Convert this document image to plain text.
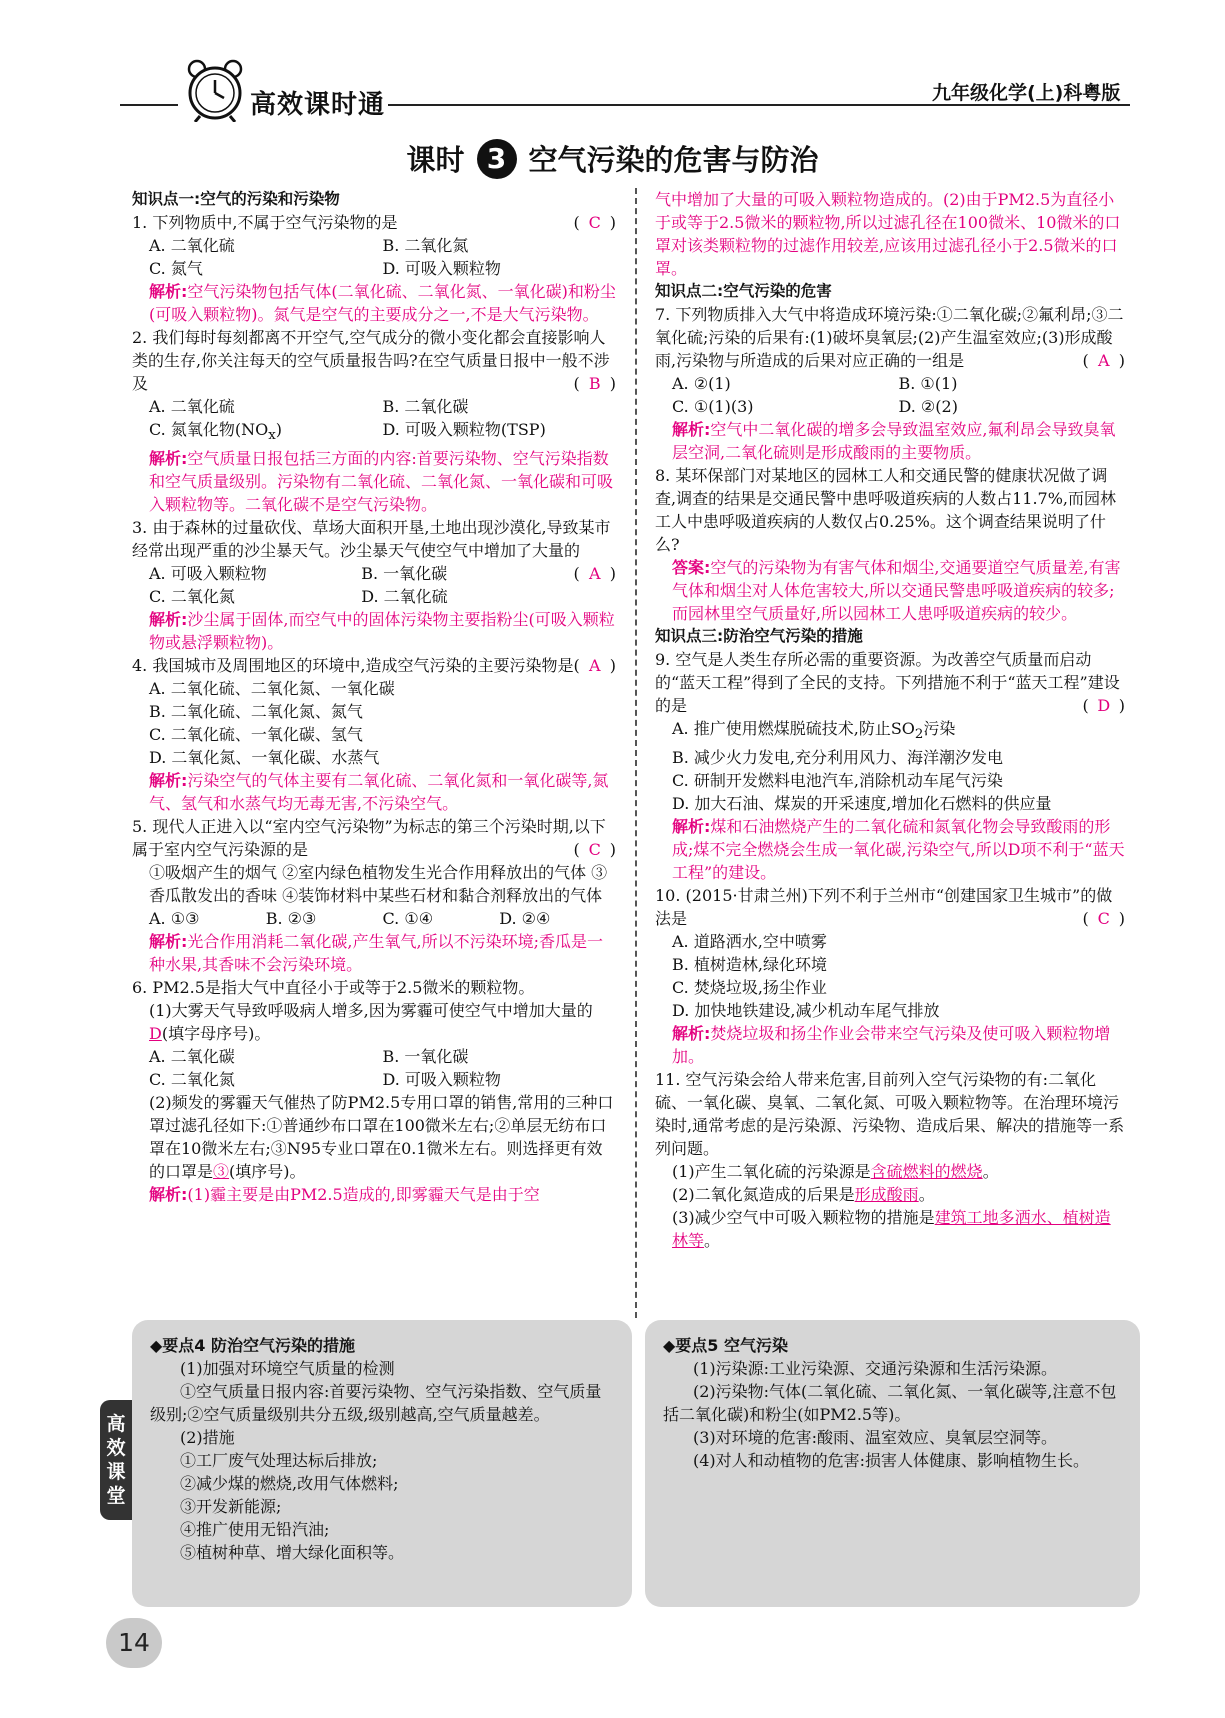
高效课时通	九年级化学(上)科粤版
课时 3 空气污染的危害与防治

知识点一:空气的污染和污染物

( C )
1. 下列物质中,不属于空气污染物的是
A. 二氧化硫	B. 二氧化氮
C. 氮气	D. 可吸入颗粒物
解析:空气污染物包括气体(二氧化硫、二氧化氮、一氧化碳)和粉尘(可吸入颗粒物)。氮气是空气的主要成分之一,不是大气污染物。
2. 我们每时每刻都离不开空气,空气成分的微小变化都会直接影响人类的生存,你关注每天的空气质量报告吗?在空气质量日报中一般不涉及	( B )
A. 二氧化硫	B. 二氧化碳
C. 氮氧化物$(NO_x)$	D. 可吸入颗粒物(TSP)
解析:空气质量日报包括三方面的内容:首要污染物、空气污染指数和空气质量级别。污染物有二氧化硫、二氧化氮、一氧化碳和可吸入颗粒物等。二氧化碳不是空气污染物。
3. 由于森林的过量砍伐、草场大面积开垦,土地出现沙漠化,导致某市经常出现严重的沙尘暴天气。沙尘暴天气使空气中增加了大量的
( A )
A. 可吸入颗粒物	B. 一氧化碳
C. 二氧化氮	D. 二氧化硫
解析:沙尘属于固体,而空气中的固体污染物主要指粉尘(可吸入颗粒物或悬浮颗粒物)。
4. 我国城市及周围地区的环境中,造成空气污染的主要污染物是 ( A )
A. 二氧化硫、二氧化氮、一氧化碳
B. 二氧化硫、二氧化氮、氮气
C. 二氧化硫、一氧化碳、氢气
D. 二氧化氮、一氧化碳、水蒸气
解析:污染空气的气体主要有二氧化硫、二氧化氮和一氧化碳等,氮气、氢气和水蒸气均无毒无害,不污染空气。
5. 现代人正进入以“室内空气污染物”为标志的第三个污染时期,以下属于室内空气污染源的是	( C )
①吸烟产生的烟气 ②室内绿色植物发生光合作用释放出的气体 ③香瓜散发出的香味 ④装饰材料中某些石材和黏合剂释放出的气体
A. ①③	B. ②③	C. ①④	D. ②④
解析:光合作用消耗二氧化碳,产生氧气,所以不污染环境;香瓜是一种水果,其香味不会污染环境。
6. PM2.5是指大气中直径小于或等于2.5微米的颗粒物。
(1)大雾天气导致呼吸病人增多,因为雾霾可使空气中增加大量的D(填字母序号)。
A. 二氧化碳	B. 一氧化碳
C. 二氧化氮	D. 可吸入颗粒物
(2)频发的雾霾天气催热了防PM2.5专用口罩的销售,常用的三种口罩过滤孔径如下:①普通纱布口罩在100微米左右;②单层无纺布口罩在10微米左右;③N95专业口罩在0.1微米左右。则选择更有效的口罩是③(填序号)。
解析:(1)霾主要是由PM2.5造成的,即雾霾天气是由于空
气中增加了大量的可吸入颗粒物造成的。(2)由于PM2.5为直径小于或等于2.5微米的颗粒物,所以过滤孔径在100微米、10微米的口罩对该类颗粒物的过滤作用较差,应该用过滤孔径小于2.5微米的口罩。

知识点二:空气污染的危害

7. 下列物质排入大气中将造成环境污染:①二氧化碳;②氟利昂;③二氧化硫;污染的后果有:(1)破坏臭氧层;(2)产生温室效应;(3)形成酸雨,污染物与所造成的后果对应正确的一组是	( A )
A. ②(1)	B. ①(1)
C. ①(1)(3)	D. ②(2)
解析:空气中二氧化碳的增多会导致温室效应,氟利昂会导致臭氧层空洞,二氧化硫则是形成酸雨的主要物质。
8. 某环保部门对某地区的园林工人和交通民警的健康状况做了调查,调查的结果是交通民警中患呼吸道疾病的人数占11.7%,而园林工人中患呼吸道疾病的人数仅占0.25%。这个调查结果说明了什么?
答案:空气的污染物为有害气体和烟尘,交通要道空气质量差,有害气体和烟尘对人体危害较大,所以交通民警患呼吸道疾病的较多;而园林里空气质量好,所以园林工人患呼吸道疾病的较少。

知识点三:防治空气污染的措施

9. 空气是人类生存所必需的重要资源。为改善空气质量而启动的“蓝天工程”得到了全民的支持。下列措施不利于“蓝天工程”建设的是	( D )
A. 推广使用燃煤脱硫技术,防止$SO_2$污染
B. 减少火力发电,充分利用风力、海洋潮汐发电
C. 研制开发燃料电池汽车,消除机动车尾气污染
D. 加大石油、煤炭的开采速度,增加化石燃料的供应量
解析:煤和石油燃烧产生的二氧化硫和氮氧化物会导致酸雨的形成;煤不完全燃烧会生成一氧化碳,污染空气,所以D项不利于“蓝天工程”的建设。
10. (2015·甘肃兰州)下列不利于兰州市“创建国家卫生城市”的做法是	( C )
A. 道路洒水,空中喷雾
B. 植树造林,绿化环境
C. 焚烧垃圾,扬尘作业
D. 加快地铁建设,减少机动车尾气排放
解析:焚烧垃圾和扬尘作业会带来空气污染及使可吸入颗粒物增加。
11. 空气污染会给人带来危害,目前列入空气污染物的有:二氧化硫、一氧化碳、臭氧、二氧化氮、可吸入颗粒物等。在治理环境污染时,通常考虑的是污染源、污染物、造成后果、解决的措施等一系列问题。
(1)产生二氧化硫的污染源是含硫燃料的燃烧。
(2)二氧化氮造成的后果是形成酸雨。
(3)减少空气中可吸入颗粒物的措施是建筑工地多洒水、植树造林等。
◆要点4 防治空气污染的措施
(1)加强对环境空气质量的检测
①空气质量日报内容:首要污染物、空气污染指数、空气质量级别;②空气质量级别共分五级,级别越高,空气质量越差。
(2)措施
①工厂废气处理达标后排放;
②减少煤的燃烧,改用气体燃料;
③开发新能源;
④推广使用无铅汽油;
⑤植树种草、增大绿化面积等。
◆要点5 空气污染
(1)污染源:工业污染源、交通污染源和生活污染源。
(2)污染物:气体(二氧化硫、二氧化氮、一氧化碳等,注意不包括二氧化碳)和粉尘(如PM2.5等)。
(3)对环境的危害:酸雨、温室效应、臭氧层空洞等。
(4)对人和动植物的危害:损害人体健康、影响植物生长。
高效课堂
14
